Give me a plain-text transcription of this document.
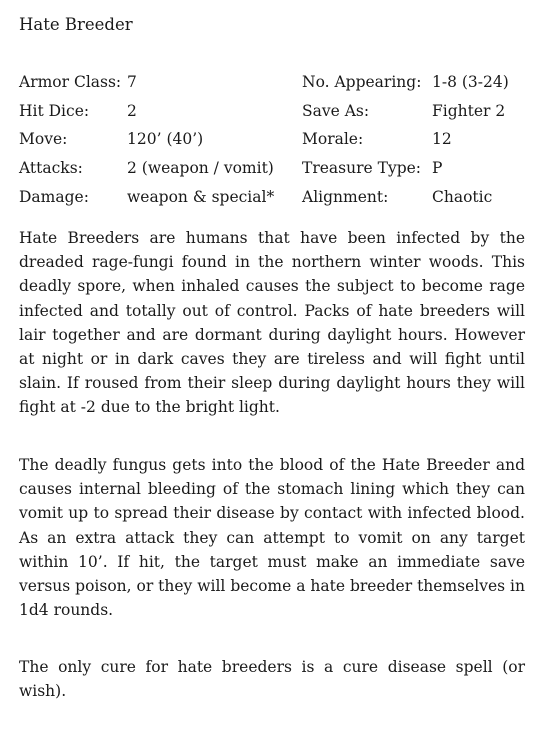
Hate Breeder
Armor Class: 7	No. Appearing: 1-8 (3-24)
Hit Dice: 2	Save As:	Fighter 2
Move:	120’ (40’)	Morale:	12
Attacks:	2 (weapon / vomit) Treasure Type: P
Damage: weapon & special* Alignment:	Chaotic

Hate Breeders are humans that have been infected by the dreaded rage-fungi found in the northern winter woods. This deadly spore, when inhaled causes the subject to become rage infected and totally out of control. Packs of hate breeders will lair together and are dormant during daylight hours. However at night or in dark caves they are tireless and will fight until slain. If roused from their sleep during daylight hours they will fight at -2 due to the bright light.

The deadly fungus gets into the blood of the Hate Breeder and causes internal bleeding of the stomach lining which they can vomit up to spread their disease by contact with infected blood. As an extra attack they can attempt to vomit on any target within 10’. If hit, the target must make an immediate save versus poison, or they will become a hate breeder themselves in 1d4 rounds.

The only cure for hate breeders is a cure disease spell (or wish).
